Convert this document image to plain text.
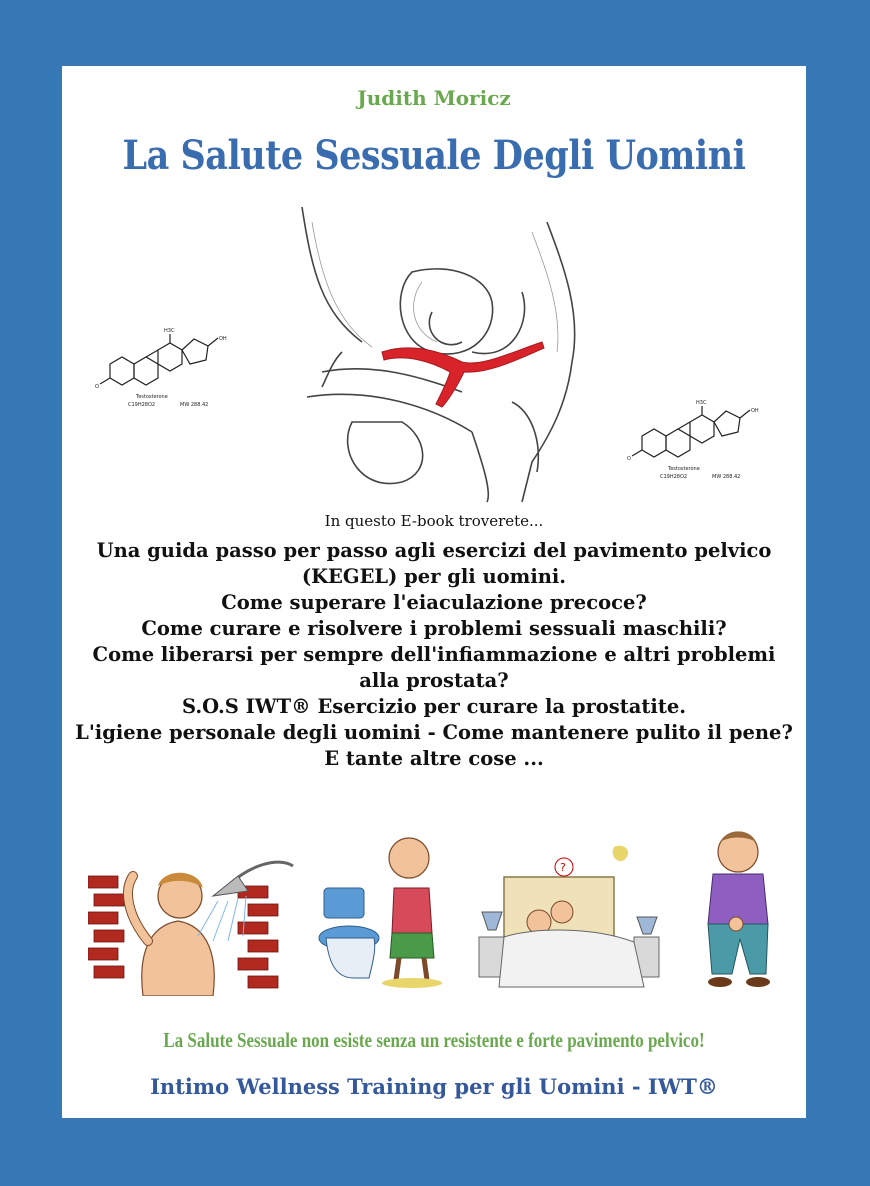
Judith Moricz
La Salute Sessuale Degli Uomini
H3C
OH
O
Testosterone
C19H28O2	MW 288.42	H3C
OH
O
Testosterone
C19H28O2	MW 288.42
In questo E-book troverete...
Una guida passo per passo agli esercizi del pavimento pelvico (KEGEL) per gli uomini.
Come superare l'eiaculazione precoce?
Come curare e risolvere i problemi sessuali maschili?
Come liberarsi per sempre dell'infiammazione e altri problemi alla prostata?
S.O.S IWT® Esercizio per curare la prostatite.
L'igiene personale degli uomini - Come mantenere pulito il pene?
E tante altre cose ...
?
La Salute Sessuale non esiste senza un resistente e forte pavimento pelvico!
Intimo Wellness Training per gli Uomini - IWT®
